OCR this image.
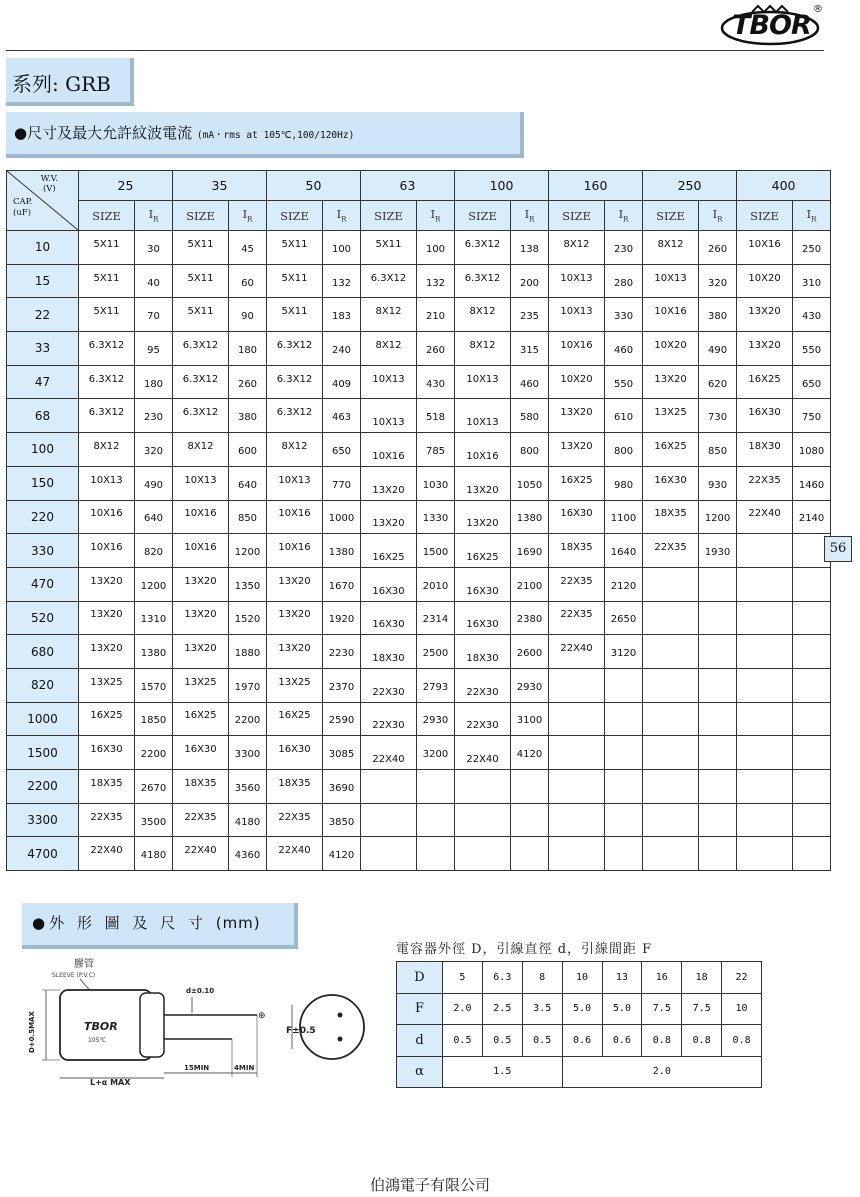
TBOR
®
系列: GRB
●尺寸及最大允許紋波電流 (mA・rms at 105℃,100/120Hz)
W.V.
(V)
CAP.
(uF)	25		35		50		63		100		160		250		400	
	SIZE	$I_R$	SIZE	$I_R$	SIZE	$I_R$	SIZE	$I_R$	SIZE	$I_R$	SIZE	$I_R$	SIZE	$I_R$	SIZE	$I_R$
10	5X11	30	5X11	45	5X11	100	5X11	100	6.3X12	138	8X12	230	8X12	260	10X16	250
15	5X11	40	5X11	60	5X11	132	6.3X12	132	6.3X12	200	10X13	280	10X13	320	10X20	310
22	5X11	70	5X11	90	5X11	183	8X12	210	8X12	235	10X13	330	10X16	380	13X20	430
33	6.3X12	95	6.3X12	180	6.3X12	240	8X12	260	8X12	315	10X16	460	10X20	490	13X20	550
47	6.3X12	180	6.3X12	260	6.3X12	409	10X13	430	10X13	460	10X20	550	13X20	620	16X25	650
68	6.3X12	230	6.3X12	380	6.3X12	463	10X13	518	10X13	580	13X20	610	13X25	730	16X30	750
100	8X12	320	8X12	600	8X12	650	10X16	785	10X16	800	13X20	800	16X25	850	18X30	1080
150	10X13	490	10X13	640	10X13	770	13X20	1030	13X20	1050	16X25	980	16X30	930	22X35	1460
220	10X16	640	10X16	850	10X16	1000	13X20	1330	13X20	1380	16X30	1100	18X35	1200	22X40	2140
330	10X16	820	10X16	1200	10X16	1380	16X25	1500	16X25	1690	18X35	1640	22X35	1930		
470	13X20	1200	13X20	1350	13X20	1670	16X30	2010	16X30	2100	22X35	2120				
520	13X20	1310	13X20	1520	13X20	1920	16X30	2314	16X30	2380	22X35	2650				
680	13X20	1380	13X20	1880	13X20	2230	18X30	2500	18X30	2600	22X40	3120				
820	13X25	1570	13X25	1970	13X25	2370	22X30	2793	22X30	2930						
1000	16X25	1850	16X25	2200	16X25	2590	22X30	2930	22X30	3100						
1500	16X30	2200	16X30	3300	16X30	3085	22X40	3200	22X40	4120						
2200	18X35	2670	18X35	3560	18X35	3690										
3300	22X35	3500	22X35	4180	22X35	3850										
4700	22X40	4180	22X40	4360	22X40	4120										
56
●外 形 圖 及 尺 寸 (mm)
膠管
SLEEVE (P.V.C)
TBOR
105℃
⊕
d±0.10
D+0.5MAX
L+α MAX
15MIN	4MIN
F±0.5
電容器外徑 D，引線直徑 d，引線間距 F
D	5	6.3	8	10	13	16	18	22
F	2.0	2.5	3.5	5.0	5.0	7.5	7.5	10
d	0.5	0.5	0.5	0.6	0.6	0.8	0.8	0.8
α	1.5			2.0				
伯鴻電子有限公司
